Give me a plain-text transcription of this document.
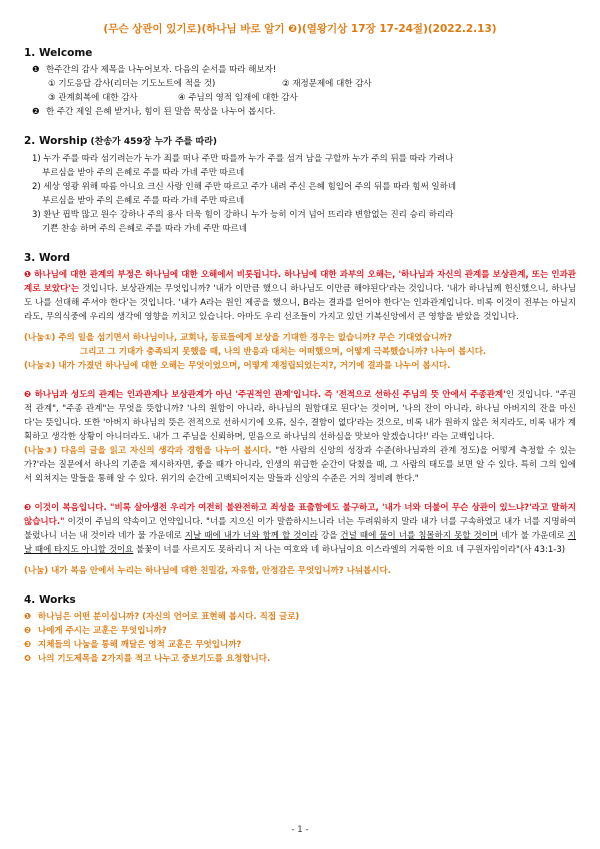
(무슨 상관이 있기로)(하나님 바로 알기 ❷)(열왕기상 17장 17-24절)(2022.2.13)
1. Welcome
❶ 한주간의 감사 제목을 나누어보자. 다음의 순서를 따라 해보자!
① 기도응답 감사(리더는 기도노트에 적을 것)	② 재정문제에 대한 감사
③ 관계회복에 대한 감사	④ 주님의 영적 임재에 대한 감사
❷ 한 주간 제일 은혜 받거나, 힘이 된 말씀 묵상을 나누어 봅시다.
2. Worship (찬송가 459장 누가 주를 따라)
1) 누가 주를 따라 섬기려는가 누가 죄를 떠나 주만 따를까 누가 주를 섬겨 남을 구할까 누가 주의 뒤를 따라 가려나
부르심을 받아 주의 은혜로 주를 따라 가네 주만 따르네
2) 세상 영광 위해 따름 아니요 크신 사랑 인해 주만 따르고 주가 내려 주신 은혜 힘입어 주의 뒤를 따라 힘써 일하네
부르심을 받아 주의 은혜로 주를 따라 가네 주만 따르네
3) 환난 핍박 많고 원수 강하나 주의 용사 더욱 힘이 강하니 누가 능히 이겨 넘어 뜨리랴 변함없는 진리 승리 하리라
기쁜 찬송 하며 주의 은혜로 주를 따라 가네 주만 따르네
3. Word

❶ 하나님에 대한 관계의 부정은 하나님에 대한 오해에서 비롯됩니다. 하나님에 대한 과부의 오해는, '하나님과 자신의 관계를 보상관계, 또는 인과관계로 보았다'는 것입니다. 보상관계는 무엇입니까? '내가 이만큼 했으니 하나님도 이만큼 해야된다'라는 것입니다. '내가 하나님께 헌신했으니, 하나님도 나를 선대해 주셔야 한다'는 것입니다. '내가 A라는 원인 제공을 했으니, B라는 결과를 얻어야 한다'는 인과관계입니다. 비록 이것이 전부는 아닐지라도, 무의식중에 우리의 생각에 영향을 끼치고 있습니다. 아마도 우리 선조들이 가지고 있던 기복신앙에서 큰 영향을 받았을 것입니다.

(나눔①) 주의 일을 섬기면서 하나님이나, 교회나, 동료들에게 보상을 기대한 경우는 없습니까? 무슨 기대였습니까?

그리고 그 기대가 충족되지 못했을 때, 나의 반응과 대처는 어떠했으며, 어떻게 극복했습니까? 나누어 봅시다.

(나눔②) 내가 가졌던 하나님에 대한 오해는 무엇이었으며, 어떻게 재정립되었는지?, 거기에 결과를 나누어 봅시다.

❷ 하나님과 성도의 관계는 인과관계나 보상관계가 아닌 '주권적인 관계'입니다. 즉 '전적으로 선하신 주님의 뜻 안에서 주종관계'인 것입니다. "주권적 관계", "주종 관계"는 무엇을 뜻합니까? '나의 원함이 아니라, 하나님의 원함대로 된다'는 것이며, '나의 잔이 아니라, 하나님 아버지의 잔을 마신다'는 뜻입니다. 또한 '아버지 하나님의 뜻은 전적으로 선하시기에 오류, 실수, 결함이 없다'라는 것으로, 비록 내가 원하지 않은 처지라도, 비록 내가 계획하고 생각한 상황이 아니더라도. 내가 그 주님을 신뢰하며, 믿음으로 하나님의 선하심을 맛보아 알겠습니다!' 라는 고백입니다.

(나눔③) 다음의 글을 읽고 자신의 생각과 경험을 나누어 봅시다. "한 사람의 신앙의 성장과 수준(하나님과의 관계 정도)을 어떻게 측정할 수 있는가?'라는 질문에서 하나의 기준을 제시하자면, 좋을 때가 아니라, 인생의 위급한 순간이 닥쳤을 때, 그 사람의 태도를 보면 알 수 있다. 특히 그의 입에서 외쳐지는 말들을 통해 알 수 있다. 위기의 순간에 고백되어지는 말들과 신앙의 수준은 거의 정비례 한다."

❸ 이것이 복음입니다. "비록 살아생전 우리가 여전히 불완전하고 죄성을 표출함에도 불구하고, '내가 너와 더불어 무슨 상관이 있느냐?'라고 말하지 않습니다." 이것이 주님의 약속이고 언약입니다. "너를 지으신 이가 말씀하시느니라 너는 두려워하지 말라 내가 너를 구속하였고 내가 너를 지명하여 불렀나니 너는 내 것이라 네가 물 가운데로 지날 때에 내가 너와 함께 할 것이라 강을 건널 때에 물이 너를 침몰하지 못할 것이며 네가 불 가운데로 지날 때에 타지도 아니할 것이요 불꽃이 너를 사르지도 못하리니 저 나는 여호와 네 하나님이요 이스라엘의 거룩한 이요 네 구원자임이라"(사 43:1-3)

(나눔) 내가 복음 안에서 누리는 하나님에 대한 친밀감, 자유함, 안정감은 무엇입니까? 나눠봅시다.

4. Works
❶ 하나님은 어떤 분이십니까? (자신의 언어로 표현해 봅시다. 직접 글로)
❷ 나에게 주시는 교훈은 무엇입니까?
❸ 지체들의 나눔을 통해 깨달은 영적 교훈은 무엇입니까?
❹ 나의 기도제목을 2가지를 적고 나누고 중보기도를 요청합니다.
- 1 -
